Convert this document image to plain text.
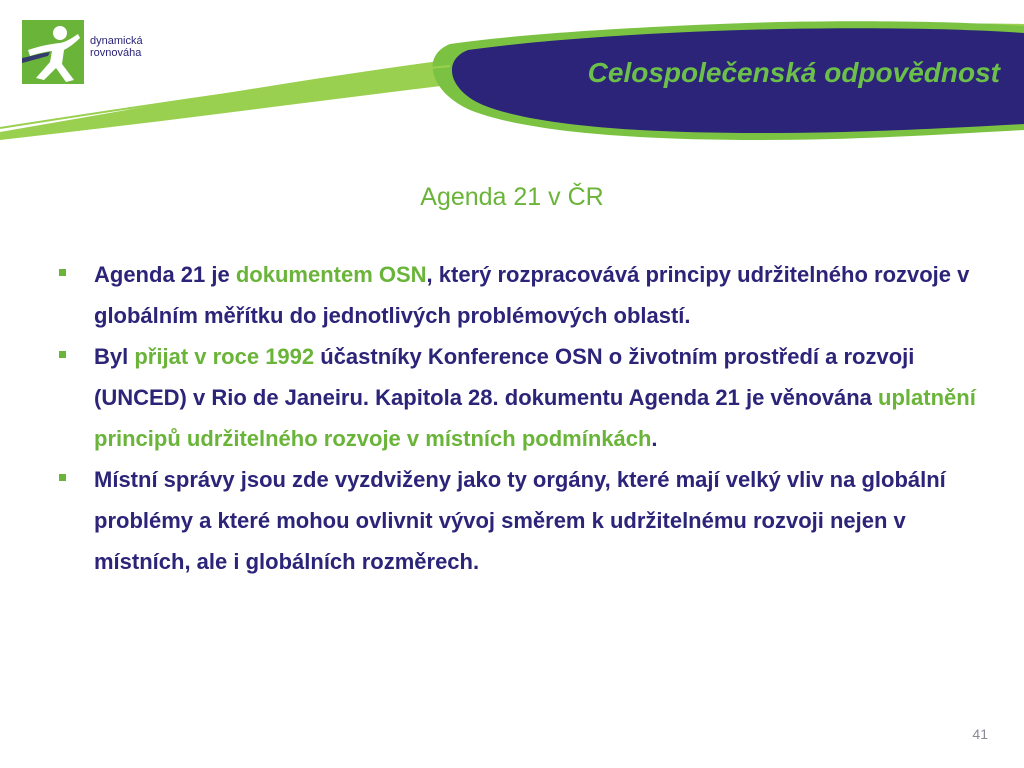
dynamická
rovnováha
Celospolečenská odpovědnost
Agenda 21 v ČR
Agenda 21 je dokumentem OSN, který rozpracovává principy udržitelného rozvoje v globálním měřítku do jednotlivých problémových oblastí.
Byl přijat v roce 1992 účastníky Konference OSN o životním prostředí a rozvoji (UNCED) v Rio de Janeiru. Kapitola 28. dokumentu Agenda 21 je věnována uplatnění principů udržitelného rozvoje v místních podmínkách.
Místní správy jsou zde vyzdviženy jako ty orgány, které mají velký vliv na globální problémy a které mohou ovlivnit vývoj směrem k udržitelnému rozvoji nejen v místních, ale i globálních rozměrech.
41
